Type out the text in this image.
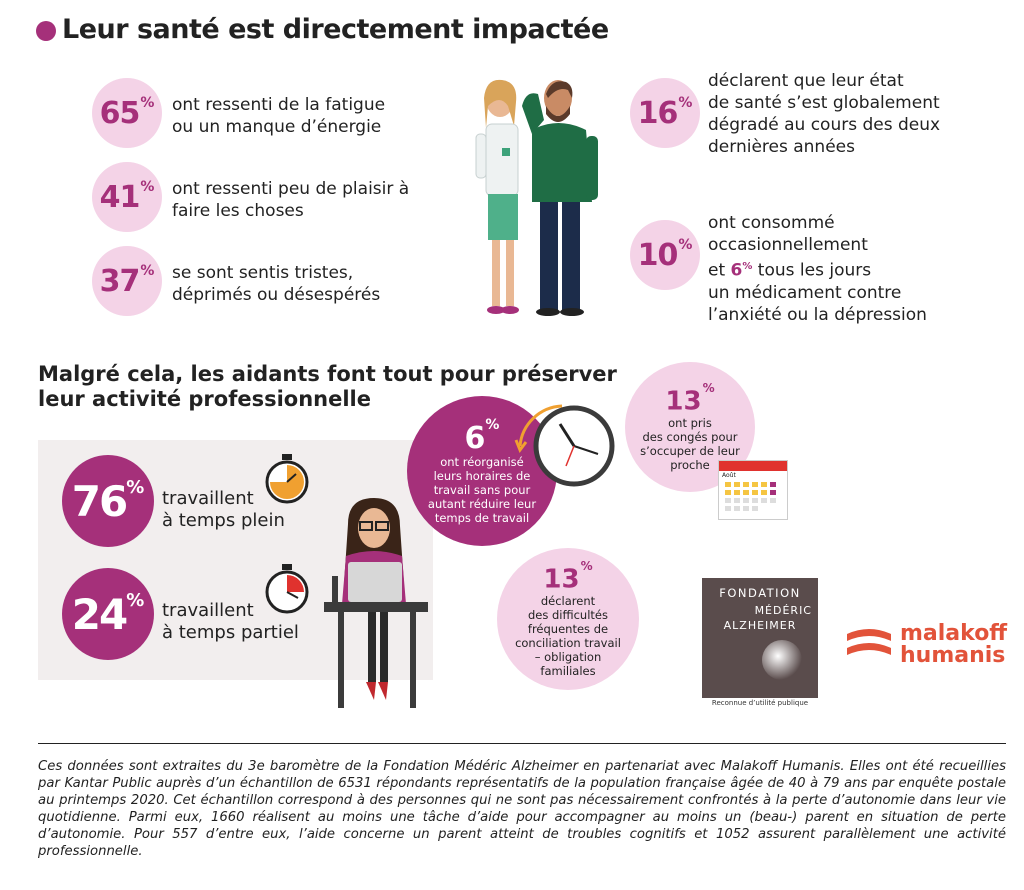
Leur santé est directement impactée
65% ont ressenti de la fatigue
ou un manque d’énergie
41% ont ressenti peu de plaisir à
faire les choses
37% se sont sentis tristes,
déprimés ou désespérés
16%
déclarent que leur état
de santé s’est globalement
dégradé au cours des deux
dernières années
10%
ont consommé
occasionnellement
et 6% tous les jours
un médicament contre
l’anxiété ou la dépression
Malgré cela, les aidants font tout pour préserver
leur activité professionnelle
76%
travaillent
à temps plein
24% travaillent
à temps partiel
6%
ont réorganisé
leurs horaires de
travail sans pour
autant réduire leur
temps de travail
13%
ont pris
des congés pour
s’occuper de leur
proche
Août
13%
déclarent
des difficultés
fréquentes de
conciliation travail
– obligation
familiales
FONDATION
MÉDÉRIC
ALZHEIMER
Reconnue d’utilité publique
malakoff
humanis
Ces données sont extraites du 3e baromètre de la Fondation Médéric Alzheimer en partenariat avec Malakoff Humanis. Elles ont été recueillies par Kantar Public auprès d’un échantillon de 6531 répondants représentatifs de la population française âgée de 40 à 79 ans par enquête postale au printemps 2020. Cet échantillon correspond à des personnes qui ne sont pas nécessairement confrontés à la perte d’autonomie dans leur vie quotidienne. Parmi eux, 1660 réalisent au moins une tâche d’aide pour accompagner au moins un (beau-) parent en situation de perte d’autonomie. Pour 557 d’entre eux, l’aide concerne un parent atteint de troubles cognitifs et 1052 assurent parallèlement une activité professionnelle.
